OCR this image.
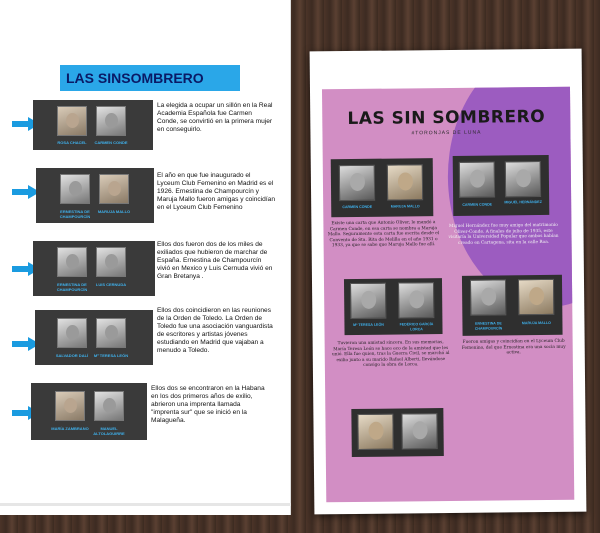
LAS SINSOMBRERO
ROSA CHACEL	CARMEN CONDE
La elegida a ocupar un sillón en la Real Academia Española fue Carmen Conde, se convirtió en la primera mujer en conseguirlo.
ERNESTINA DE CHAMPOURCÍN
MARUJA MALLO
El año en que fue inaugurado el Lyceum Club Femenino en Madrid es el 1926. Ernestina de Champourcín y Maruja Mallo fueron amigas y coincidían en el Lyceum Club Femenino
ERNESTINA DE CHAMPOURCÍN
LUIS CERNUDA
Ellos dos fueron dos de los miles de exiliados que hubieron de marchar de España. Ernestina de Champourcín vivió en Mexico y Luis Cernuda vivió en Gran Bretanya .
SALVADOR DALÍ	Mª TERESA LEÓN
Ellos dos coincidieron en las reuniones de la Orden de Toledo. La Orden de Toledo fue una asociación vanguardista de escritores y artistas jóvenes estudiando en Madrid que vajaban a menudo a Toledo.
MARÍA ZAMBRANO	MANUEL ALTOLAGUIRRE
Ellos dos se encontraron en la Habana en los dos primeros años de exilio, abrieron una imprenta llamada "imprenta sur" que se inició en la Malagueña.
LAS SIN SOMBRERO
#TORONJAS DE LUNA
CARMEN CONDE	MARUJA MALLO
Existe una carta que Antonio Oliver, le mandó a Carmen Conde, en esa carta se nombra a Maruja Mallo. Seguramente esta carta fue escrita desde el Convento de Sta. Rita de Melilla en el año 1931 o 1933, ya que se sabe que Maruja Mallo fue allí.
CARMEN CONDE
MIGUEL HERNÁNDEZ
Miguel Hernández fue muy amigo del matrimonio Oliver-Conde. A finales de julio de 1935, este visitaría la Universidad Popular que ambos habían creado en Cartagena, sita en la calle Roa.
Mª TERESA LEÓN	FEDERICO GARCÍA LORCA
Tuvieron una amistad sincera. En sus memorias, María Teresa León se hace eco de la amistad que les unió. Ella fue quien, tras la Guerra Civil, se marchó al exilio junto a su marido Rafael Alberti, llevándose consigo la obra de Lorca.
ERNESTINA DE CHAMPOURCÍN
MARUJA MALLO
Fueron amigas y coincidían en el Lyceum Club Femenino, del que Ernestina era una socia muy activa.
